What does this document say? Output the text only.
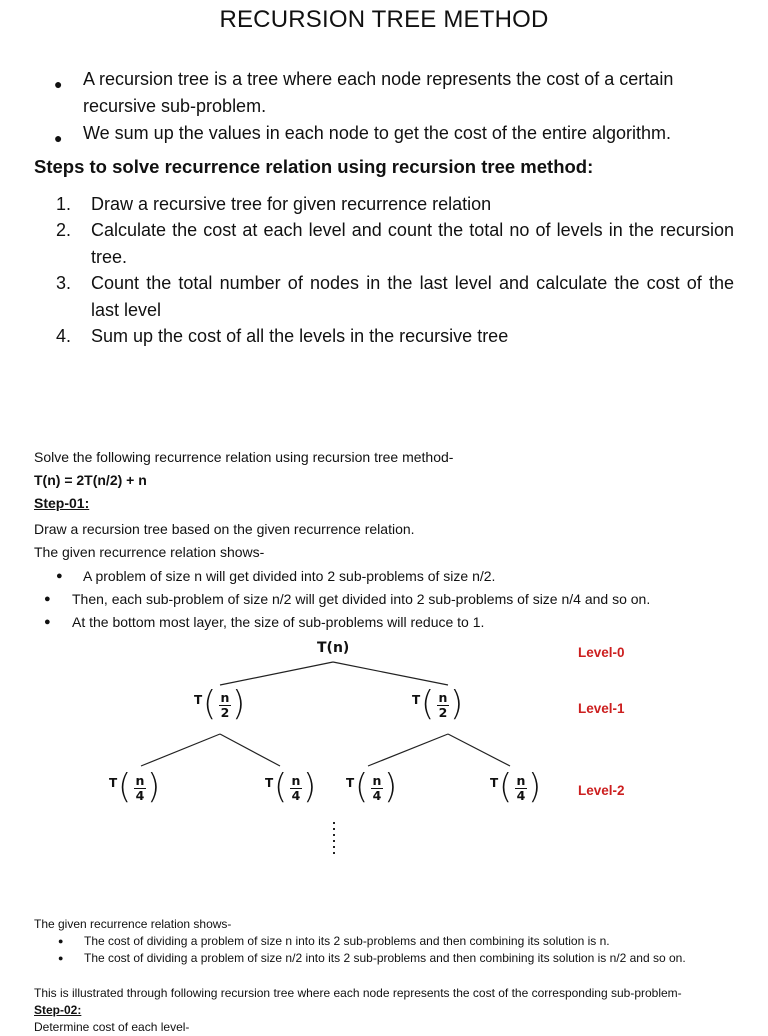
RECURSION TREE METHOD
● A recursion tree is a tree where each node represents the cost of a certain recursive sub-problem.
● We sum up the values in each node to get the cost of the entire algorithm.
Steps to solve recurrence relation using recursion tree method:
1. Draw a recursive tree for given recurrence relation
2. Calculate the cost at each level and count the total no of levels in the recursion tree.
3. Count the total number of nodes in the last level and calculate the cost of the last level
4. Sum up the cost of all the levels in the recursive tree
Solve the following recurrence relation using recursion tree method-
T(n) = 2T(n/2) + n
Step-01:
Draw a recursion tree based on the given recurrence relation.
The given recurrence relation shows-
● A problem of size n will get divided into 2 sub-problems of size n/2.
● Then, each sub-problem of size n/2 will get divided into 2 sub-problems of size n/4 and so on.
● At the bottom most layer, the size of sub-problems will reduce to 1.
T(n)
T ( n
2 )	T ( n
2 )
T ( n
4 )	T ( n
4 ) T ( n
4 )	T ( n
4 )
Level-0
Level-1
Level-2
The given recurrence relation shows-
● The cost of dividing a problem of size n into its 2 sub-problems and then combining its solution is n.
● The cost of dividing a problem of size n/2 into its 2 sub-problems and then combining its solution is n/2 and so on.
This is illustrated through following recursion tree where each node represents the cost of the corresponding sub-problem-
Step-02:
Determine cost of each level-
